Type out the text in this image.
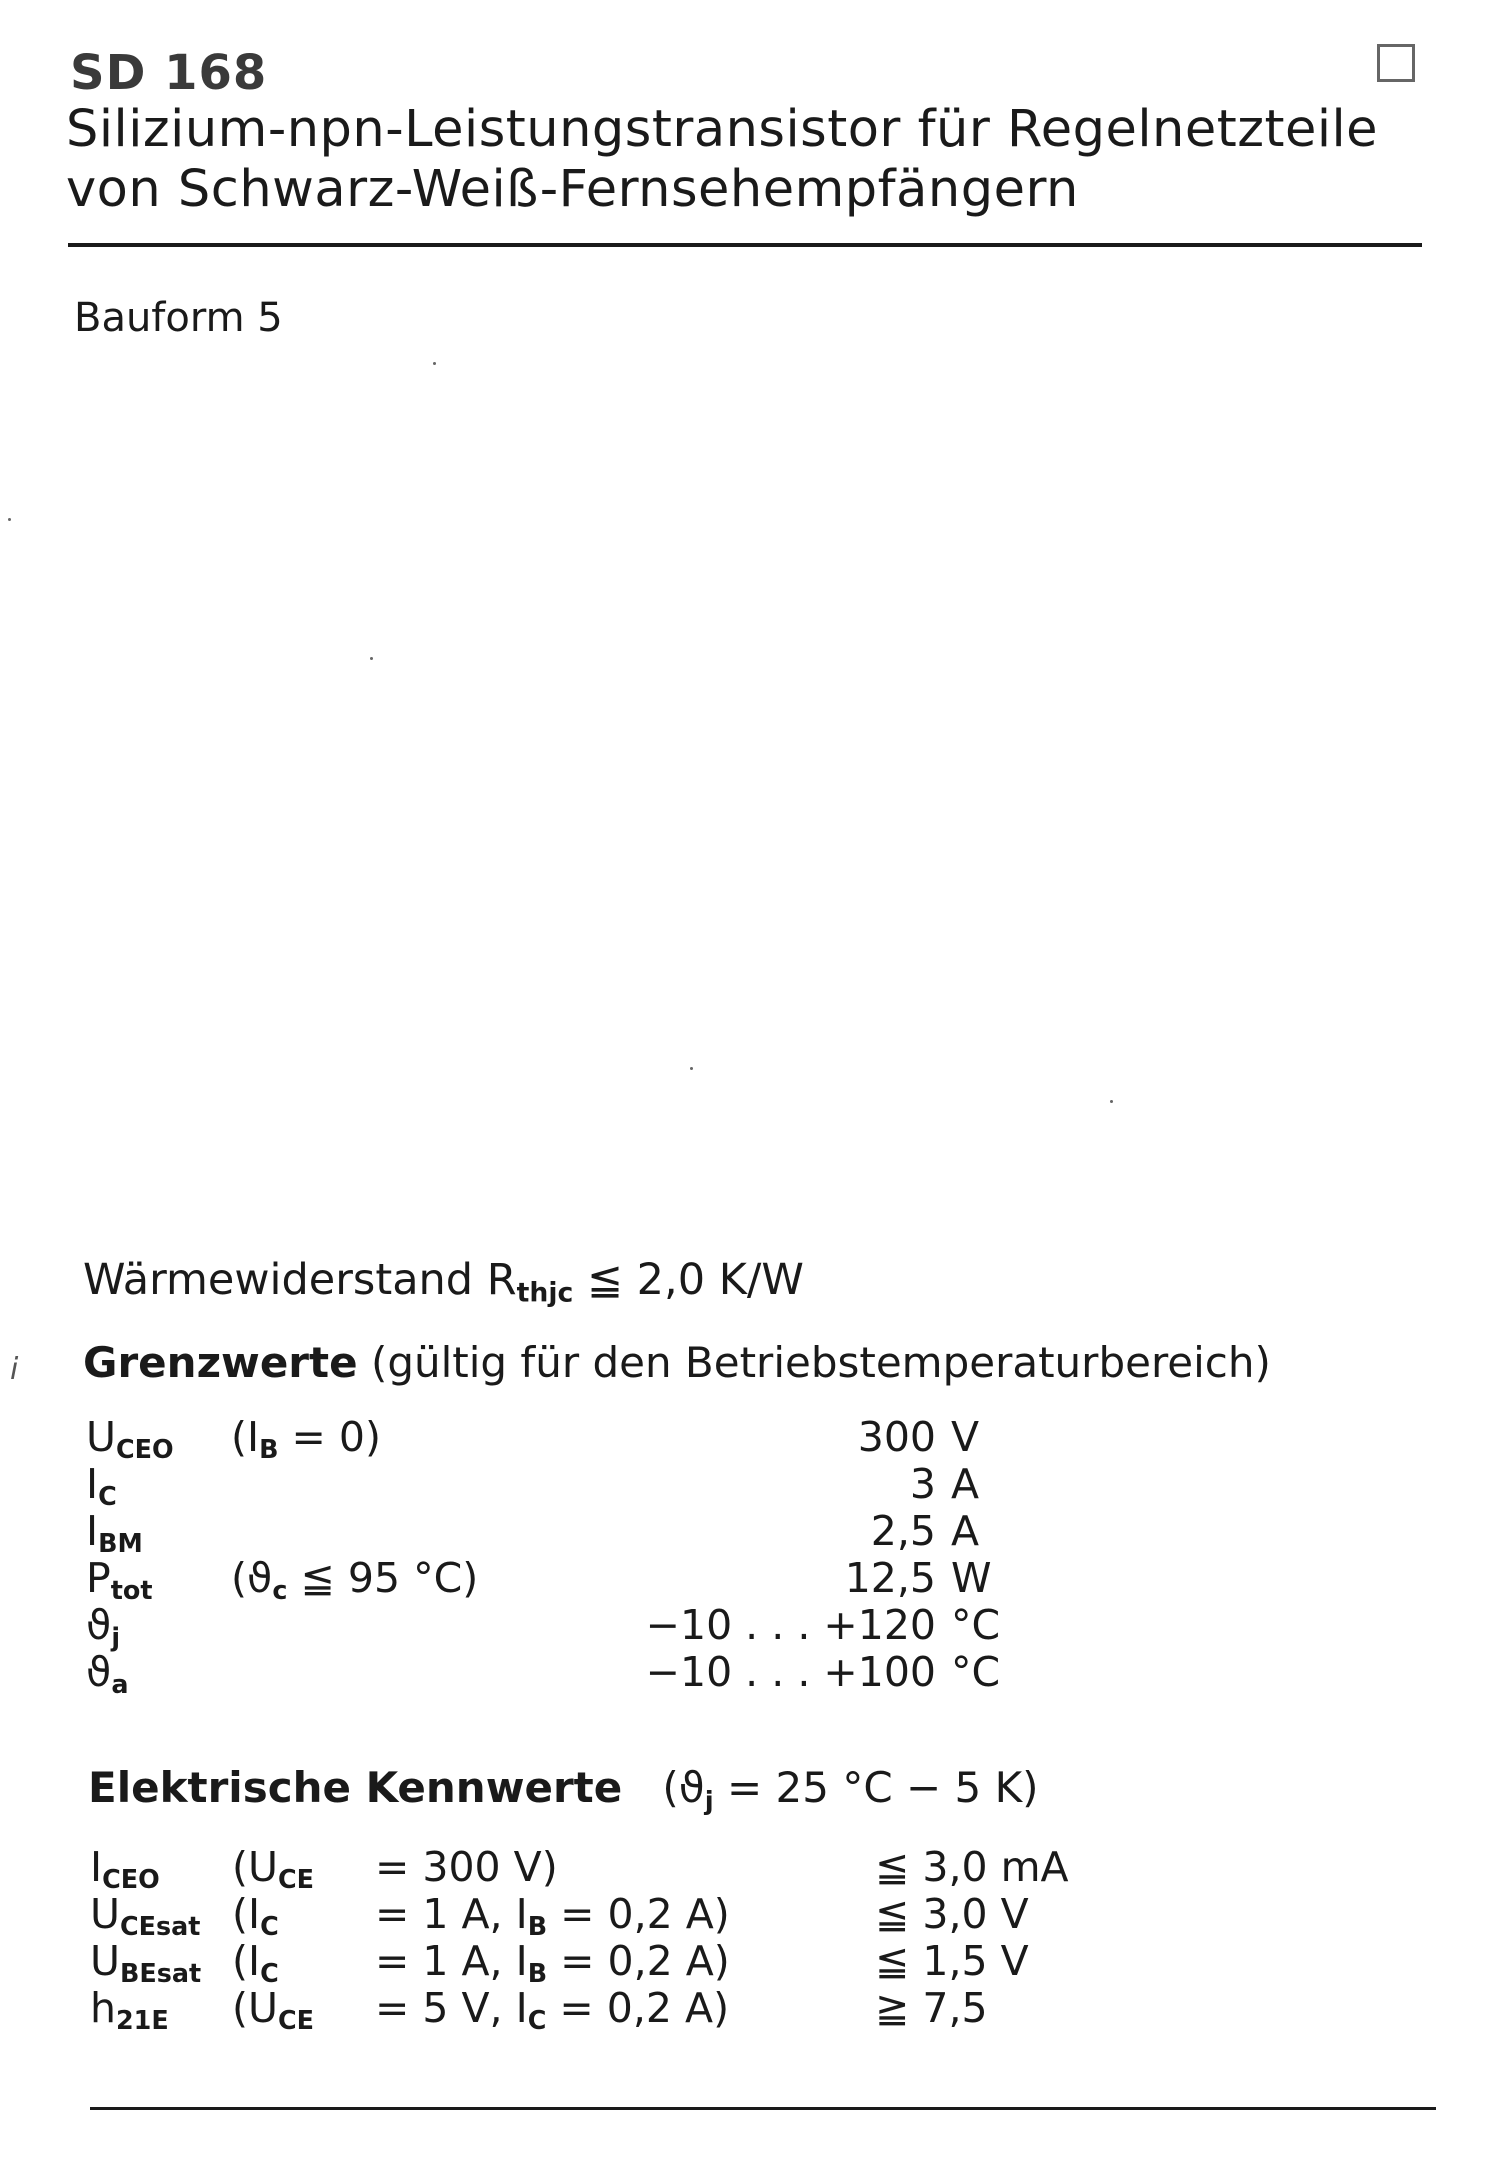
SD 168
Silizium-npn-Leistungstransistor für Regelnetzteile
von Schwarz-Weiß-Fernsehempfängern
Bauform 5
Wärmewiderstand $R_{thjc}$ ≦ 2,0 K/W
i Grenzwerte (gültig für den Betriebstemperaturbereich)
$U_{CEO}$ $(I_B = 0)$	300 V
$I_C$	3 A
$I_{BM}$	2,5 A
$P_{tot}$ ($ϑ_c$ ≦ 95 °C)	12,5 W
$ϑ_j$	−10 . . . +120 °C
$ϑ_a$	−10 . . . +100 °C
Elektrische Kennwerte ($ϑ_j = 25$ °C − 5 K)
$I_{CEO}$ ($U_{CE} = 300$ V)	≦ 3,0 mA
$U_{CEsat}$ ($I_C = 1$ A, $I_B = 0,2$ A)	≦ 3,0 V
$U_{BEsat}$ ($I_C = 1$ A, $I_B = 0,2$ A)	≦ 1,5 V
$h_{21E}$ ($U_{CE} = 5$ V, $I_C = 0,2$ A)	≧ 7,5
